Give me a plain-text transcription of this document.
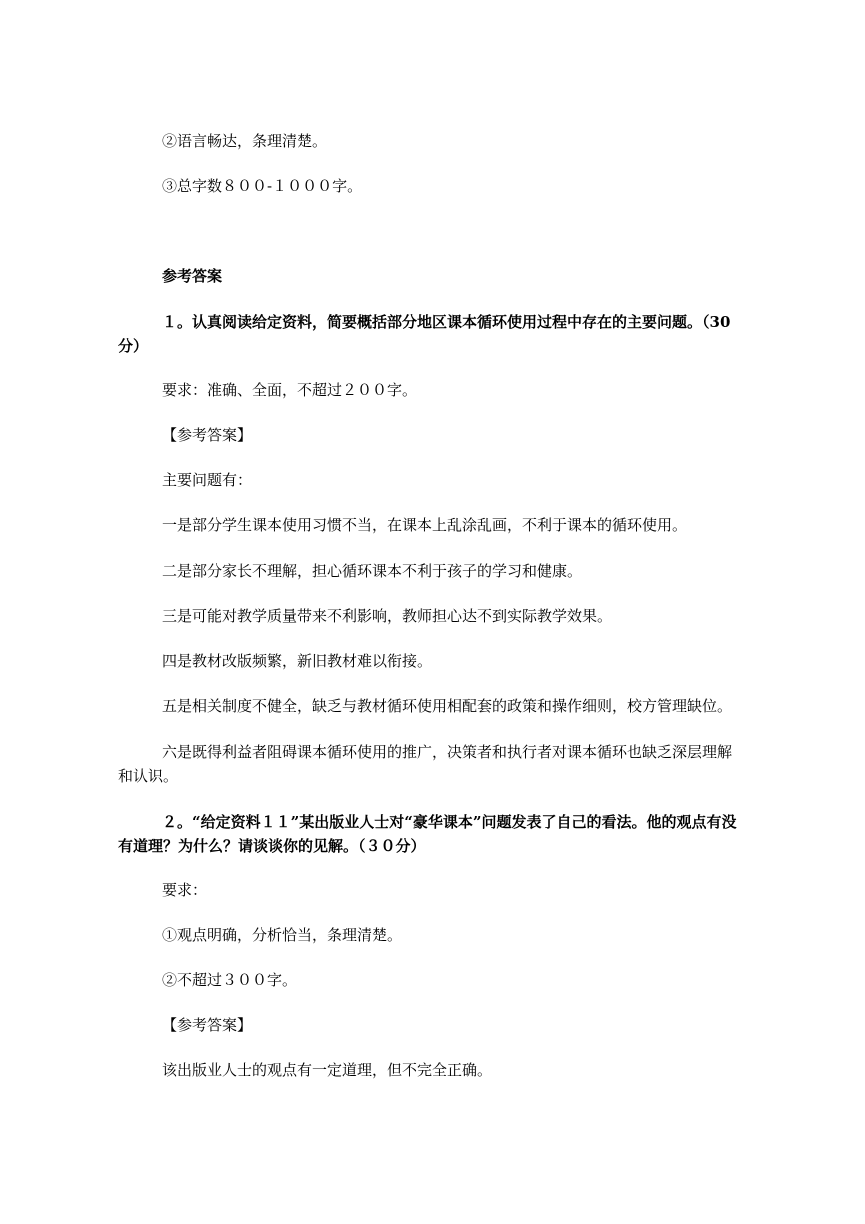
②语言畅达，条理清楚。
③总字数８００-１０００字。
参考答案
１。认真阅读给定资料，简要概括部分地区课本循环使用过程中存在的主要问题。（30分）
要求：准确、全面，不超过２００字。
【参考答案】
主要问题有：
一是部分学生课本使用习惯不当，在课本上乱涂乱画，不利于课本的循环使用。
二是部分家长不理解，担心循环课本不利于孩子的学习和健康。
三是可能对教学质量带来不利影响，教师担心达不到实际教学效果。
四是教材改版频繁，新旧教材难以衔接。
五是相关制度不健全，缺乏与教材循环使用相配套的政策和操作细则，校方管理缺位。
六是既得利益者阻碍课本循环使用的推广，决策者和执行者对课本循环也缺乏深层理解和认识。
２。“给定资料１１”某出版业人士对“豪华课本”问题发表了自己的看法。他的观点有没有道理？为什么？请谈谈你的见解。（３０分）
要求：
①观点明确，分析恰当，条理清楚。
②不超过３００字。
【参考答案】
该出版业人士的观点有一定道理，但不完全正确。
